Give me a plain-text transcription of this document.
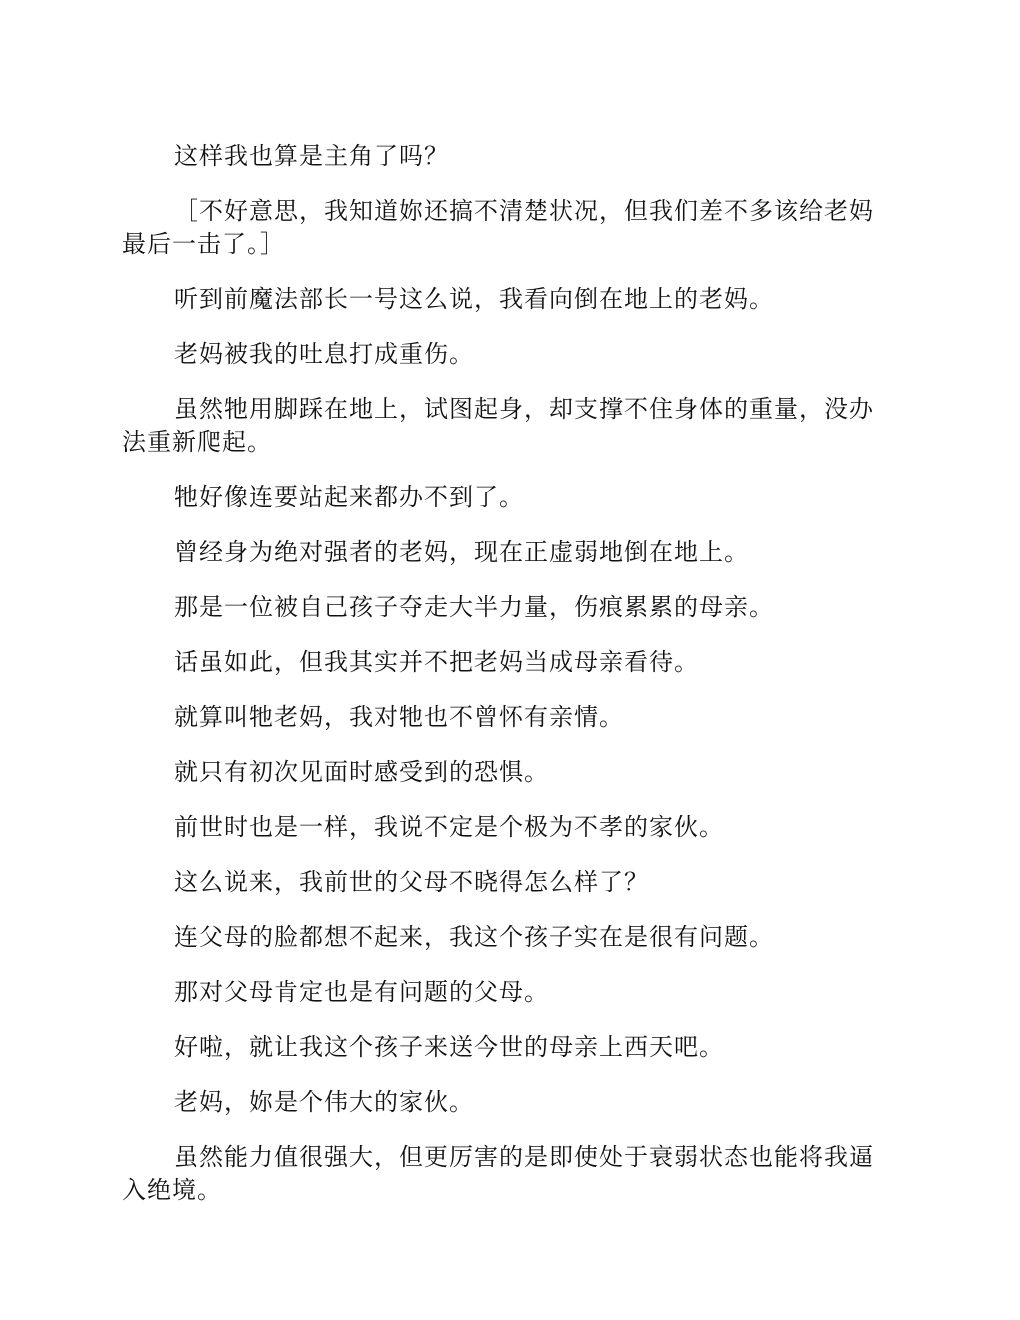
这样我也算是主角了吗？

［不好意思，我知道妳还搞不清楚状况，但我们差不多该给老妈最后一击了。］

听到前魔法部长一号这么说，我看向倒在地上的老妈。

老妈被我的吐息打成重伤。

虽然牠用脚踩在地上，试图起身，却支撑不住身体的重量，没办法重新爬起。

牠好像连要站起来都办不到了。

曾经身为绝对强者的老妈，现在正虚弱地倒在地上。

那是一位被自己孩子夺走大半力量，伤痕累累的母亲。

话虽如此，但我其实并不把老妈当成母亲看待。

就算叫牠老妈，我对牠也不曾怀有亲情。

就只有初次见面时感受到的恐惧。

前世时也是一样，我说不定是个极为不孝的家伙。

这么说来，我前世的父母不晓得怎么样了？

连父母的脸都想不起来，我这个孩子实在是很有问题。

那对父母肯定也是有问题的父母。

好啦，就让我这个孩子来送今世的母亲上西天吧。

老妈，妳是个伟大的家伙。

虽然能力值很强大，但更厉害的是即使处于衰弱状态也能将我逼入绝境。
